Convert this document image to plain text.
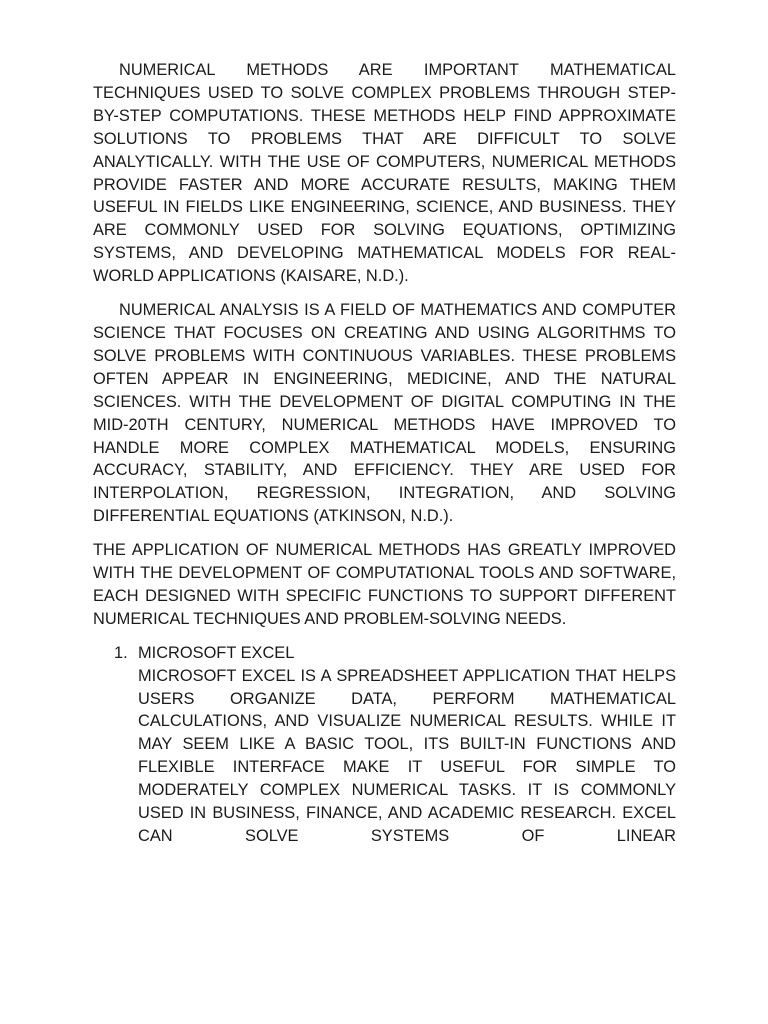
NUMERICAL METHODS ARE IMPORTANT MATHEMATICAL TECHNIQUES USED TO SOLVE COMPLEX PROBLEMS THROUGH STEP-BY-STEP COMPUTATIONS. THESE METHODS HELP FIND APPROXIMATE SOLUTIONS TO PROBLEMS THAT ARE DIFFICULT TO SOLVE ANALYTICALLY. WITH THE USE OF COMPUTERS, NUMERICAL METHODS PROVIDE FASTER AND MORE ACCURATE RESULTS, MAKING THEM USEFUL IN FIELDS LIKE ENGINEERING, SCIENCE, AND BUSINESS. THEY ARE COMMONLY USED FOR SOLVING EQUATIONS, OPTIMIZING SYSTEMS, AND DEVELOPING MATHEMATICAL MODELS FOR REAL-WORLD APPLICATIONS (KAISARE, N.D.).

NUMERICAL ANALYSIS IS A FIELD OF MATHEMATICS AND COMPUTER SCIENCE THAT FOCUSES ON CREATING AND USING ALGORITHMS TO SOLVE PROBLEMS WITH CONTINUOUS VARIABLES. THESE PROBLEMS OFTEN APPEAR IN ENGINEERING, MEDICINE, AND THE NATURAL SCIENCES. WITH THE DEVELOPMENT OF DIGITAL COMPUTING IN THE MID-20TH CENTURY, NUMERICAL METHODS HAVE IMPROVED TO HANDLE MORE COMPLEX MATHEMATICAL MODELS, ENSURING ACCURACY, STABILITY, AND EFFICIENCY. THEY ARE USED FOR INTERPOLATION, REGRESSION, INTEGRATION, AND SOLVING DIFFERENTIAL EQUATIONS (ATKINSON, N.D.).

THE APPLICATION OF NUMERICAL METHODS HAS GREATLY IMPROVED WITH THE DEVELOPMENT OF COMPUTATIONAL TOOLS AND SOFTWARE, EACH DESIGNED WITH SPECIFIC FUNCTIONS TO SUPPORT DIFFERENT NUMERICAL TECHNIQUES AND PROBLEM-SOLVING NEEDS.

1. MICROSOFT EXCEL
MICROSOFT EXCEL IS A SPREADSHEET APPLICATION THAT HELPS USERS ORGANIZE DATA, PERFORM MATHEMATICAL CALCULATIONS, AND VISUALIZE NUMERICAL RESULTS. WHILE IT MAY SEEM LIKE A BASIC TOOL, ITS BUILT-IN FUNCTIONS AND FLEXIBLE INTERFACE MAKE IT USEFUL FOR SIMPLE TO MODERATELY COMPLEX NUMERICAL TASKS. IT IS COMMONLY USED IN BUSINESS, FINANCE, AND ACADEMIC RESEARCH. EXCEL CAN SOLVE SYSTEMS OF LINEAR
